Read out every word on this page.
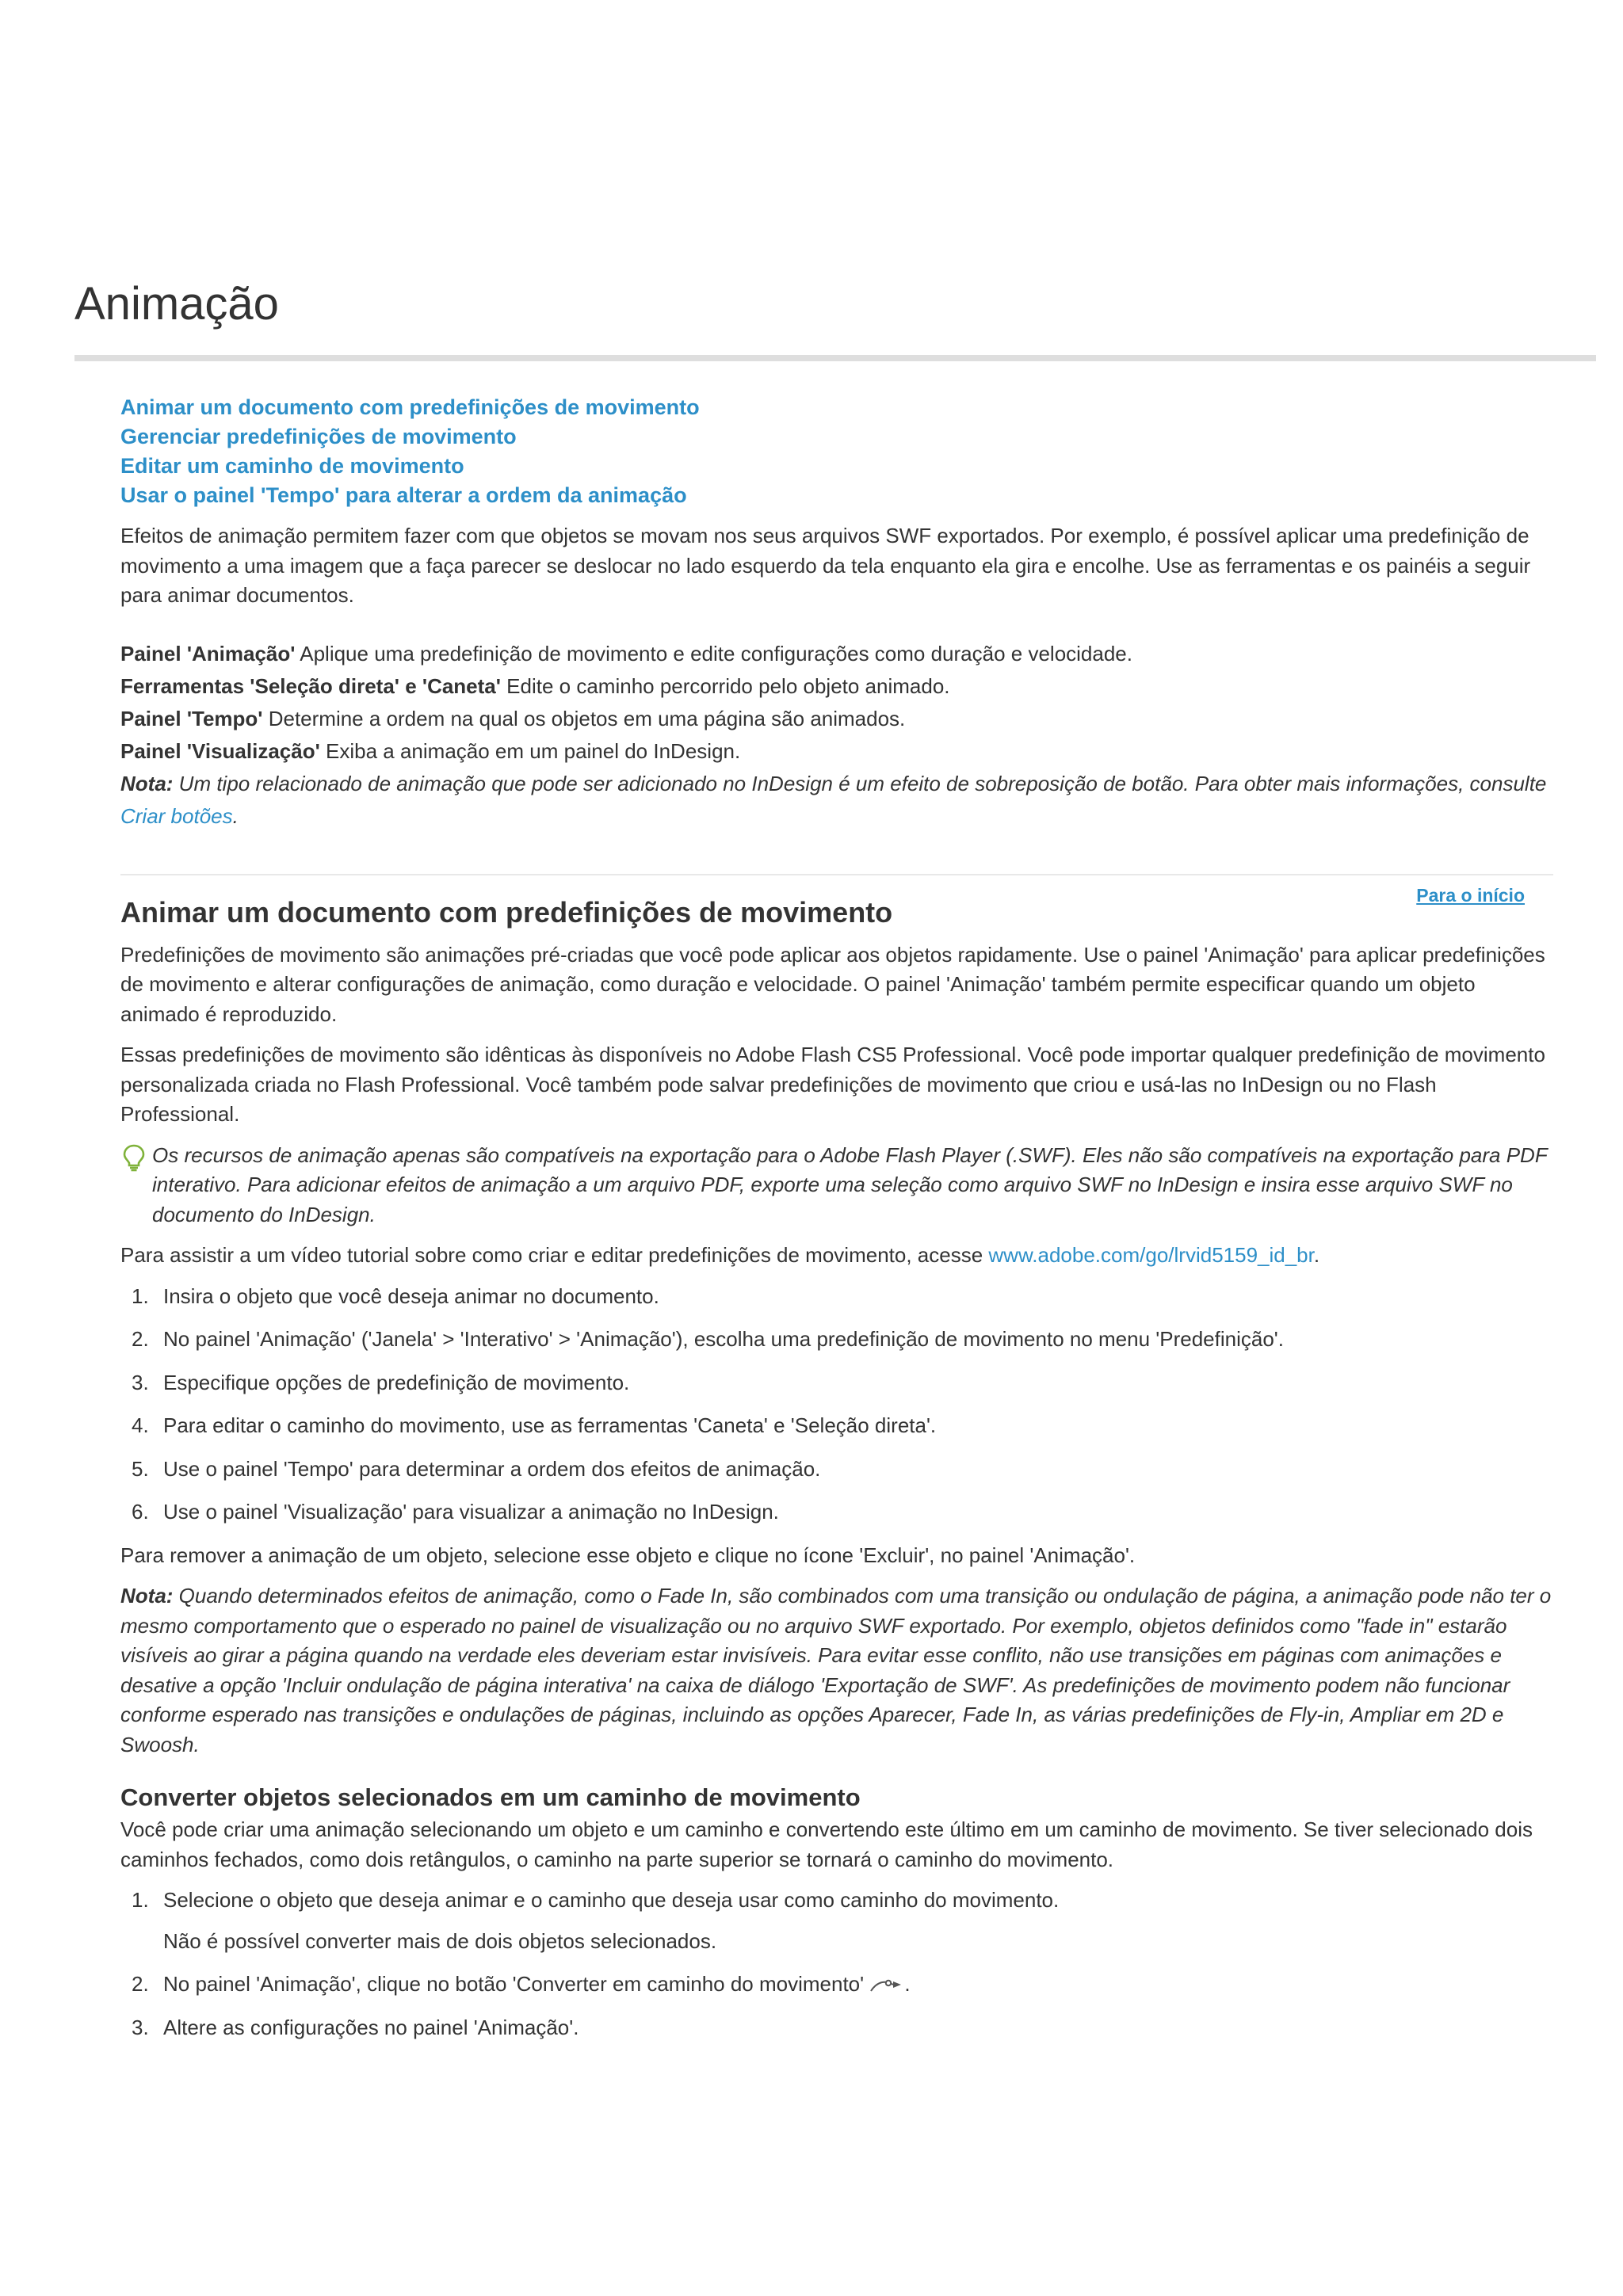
Animação
Animar um documento com predefinições de movimento
Gerenciar predefinições de movimento
Editar um caminho de movimento
Usar o painel 'Tempo' para alterar a ordem da animação

Efeitos de animação permitem fazer com que objetos se movam nos seus arquivos SWF exportados. Por exemplo, é possível aplicar uma predefinição de movimento a uma imagem que a faça parecer se deslocar no lado esquerdo da tela enquanto ela gira e encolhe. Use as ferramentas e os painéis a seguir para animar documentos.

Painel 'Animação' Aplique uma predefinição de movimento e edite configurações como duração e velocidade.

Ferramentas 'Seleção direta' e 'Caneta' Edite o caminho percorrido pelo objeto animado.

Painel 'Tempo' Determine a ordem na qual os objetos em uma página são animados.

Painel 'Visualização' Exiba a animação em um painel do InDesign.

Nota: Um tipo relacionado de animação que pode ser adicionado no InDesign é um efeito de sobreposição de botão. Para obter mais informações, consulte Criar botões.

Para o início
Animar um documento com predefinições de movimento

Predefinições de movimento são animações pré-criadas que você pode aplicar aos objetos rapidamente. Use o painel 'Animação' para aplicar predefinições de movimento e alterar configurações de animação, como duração e velocidade. O painel 'Animação' também permite especificar quando um objeto animado é reproduzido.

Essas predefinições de movimento são idênticas às disponíveis no Adobe Flash CS5 Professional. Você pode importar qualquer predefinição de movimento personalizada criada no Flash Professional. Você também pode salvar predefinições de movimento que criou e usá-las no InDesign ou no Flash Professional.

Os recursos de animação apenas são compatíveis na exportação para o Adobe Flash Player (.SWF). Eles não são compatíveis na exportação para PDF interativo. Para adicionar efeitos de animação a um arquivo PDF, exporte uma seleção como arquivo SWF no InDesign e insira esse arquivo SWF no documento do InDesign.

Para assistir a um vídeo tutorial sobre como criar e editar predefinições de movimento, acesse www.adobe.com/go/lrvid5159_id_br.

1. Insira o objeto que você deseja animar no documento.
2. No painel 'Animação' ('Janela' > 'Interativo' > 'Animação'), escolha uma predefinição de movimento no menu 'Predefinição'.
3. Especifique opções de predefinição de movimento.
4. Para editar o caminho do movimento, use as ferramentas 'Caneta' e 'Seleção direta'.
5. Use o painel 'Tempo' para determinar a ordem dos efeitos de animação.
6. Use o painel 'Visualização' para visualizar a animação no InDesign.

Para remover a animação de um objeto, selecione esse objeto e clique no ícone 'Excluir', no painel 'Animação'.

Nota: Quando determinados efeitos de animação, como o Fade In, são combinados com uma transição ou ondulação de página, a animação pode não ter o mesmo comportamento que o esperado no painel de visualização ou no arquivo SWF exportado. Por exemplo, objetos definidos como "fade in" estarão visíveis ao girar a página quando na verdade eles deveriam estar invisíveis. Para evitar esse conflito, não use transições em páginas com animações e desative a opção 'Incluir ondulação de página interativa' na caixa de diálogo 'Exportação de SWF'. As predefinições de movimento podem não funcionar conforme esperado nas transições e ondulações de páginas, incluindo as opções Aparecer, Fade In, as várias predefinições de Fly-in, Ampliar em 2D e Swoosh.

Converter objetos selecionados em um caminho de movimento

Você pode criar uma animação selecionando um objeto e um caminho e convertendo este último em um caminho de movimento. Se tiver selecionado dois caminhos fechados, como dois retângulos, o caminho na parte superior se tornará o caminho do movimento.

1. Selecione o objeto que deseja animar e o caminho que deseja usar como caminho do movimento.

Não é possível converter mais de dois objetos selecionados.

2. No painel 'Animação', clique no botão 'Converter em caminho do movimento' .
3. Altere as configurações no painel 'Animação'.
